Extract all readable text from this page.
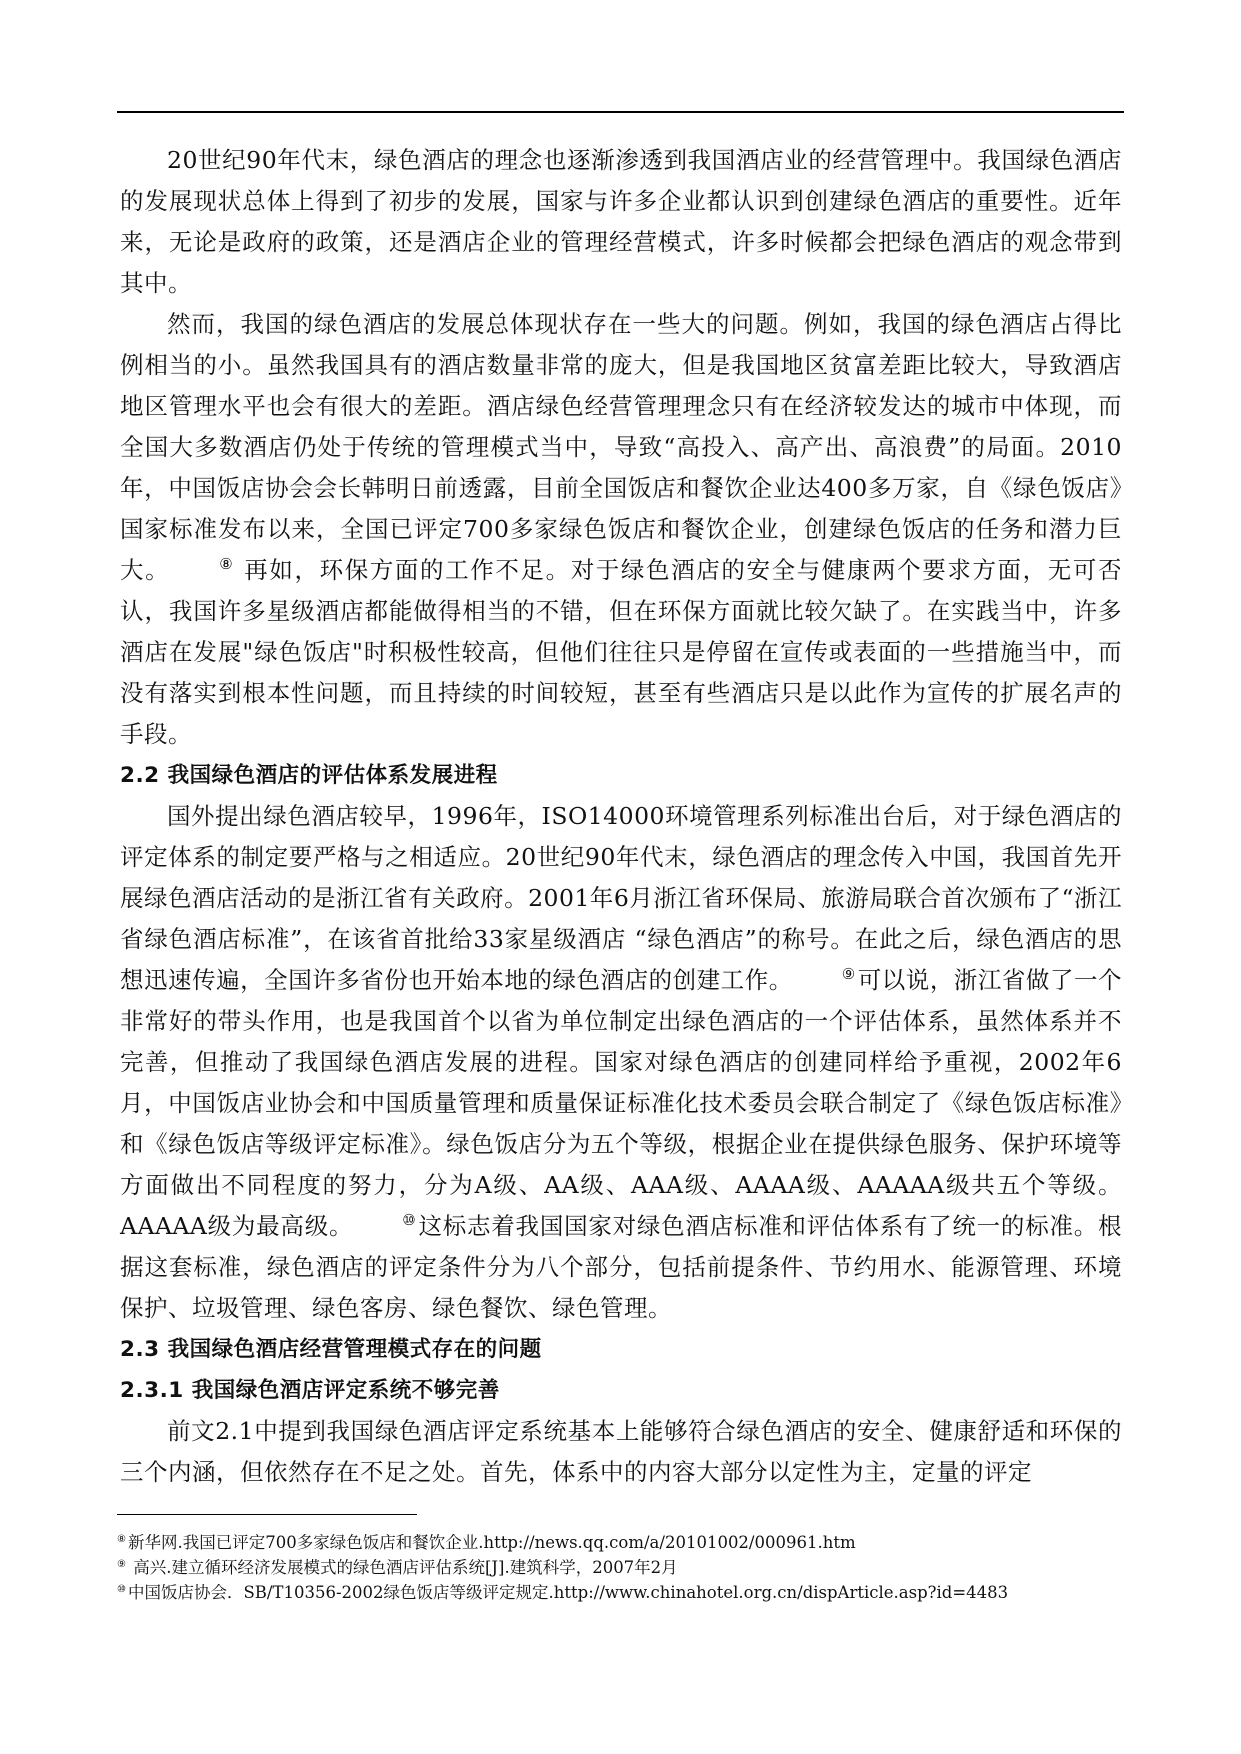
20世纪90年代末，绿色酒店的理念也逐渐渗透到我国酒店业的经营管理中。我国绿色酒店的发展现状总体上得到了初步的发展，国家与许多企业都认识到创建绿色酒店的重要性。近年来，无论是政府的政策，还是酒店企业的管理经营模式，许多时候都会把绿色酒店的观念带到其中。

然而，我国的绿色酒店的发展总体现状存在一些大的问题。例如，我国的绿色酒店占得比例相当的小。虽然我国具有的酒店数量非常的庞大，但是我国地区贫富差距比较大，导致酒店地区管理水平也会有很大的差距。酒店绿色经营管理理念只有在经济较发达的城市中体现，而全国大多数酒店仍处于传统的管理模式当中，导致“高投入、高产出、高浪费”的局面。2010年，中国饭店协会会长韩明日前透露，目前全国饭店和餐饮企业达400多万家，自《绿色饭店》国家标准发布以来，全国已评定700多家绿色饭店和餐饮企业，创建绿色饭店的任务和潜力巨大。	⑧ 再如，环保方面的工作不足。对于绿色酒店的安全与健康两个要求方面，无可否认，我国许多星级酒店都能做得相当的不错，但在环保方面就比较欠缺了。在实践当中，许多酒店在发展"绿色饭店"时积极性较高，但他们往往只是停留在宣传或表面的一些措施当中，而没有落实到根本性问题，而且持续的时间较短，甚至有些酒店只是以此作为宣传的扩展名声的手段。

2.2 我国绿色酒店的评估体系发展进程

国外提出绿色酒店较早，1996年，ISO14000环境管理系列标准出台后，对于绿色酒店的评定体系的制定要严格与之相适应。20世纪90年代末，绿色酒店的理念传入中国，我国首先开展绿色酒店活动的是浙江省有关政府。2001年6月浙江省环保局、旅游局联合首次颁布了“浙江省绿色酒店标准”，在该省首批给33家星级酒店 “绿色酒店”的称号。在此之后，绿色酒店的思想迅速传遍，全国许多省份也开始本地的绿色酒店的创建工作。	⑨可以说，浙江省做了一个非常好的带头作用，也是我国首个以省为单位制定出绿色酒店的一个评估体系，虽然体系并不完善，但推动了我国绿色酒店发展的进程。国家对绿色酒店的创建同样给予重视，2002年6月，中国饭店业协会和中国质量管理和质量保证标准化技术委员会联合制定了《绿色饭店标准》和《绿色饭店等级评定标准》。绿色饭店分为五个等级，根据企业在提供绿色服务、保护环境等方面做出不同程度的努力，分为A级、AA级、AAA级、AAAA级、AAAAA级共五个等级。AAAAA级为最高级。	⑩这标志着我国国家对绿色酒店标准和评估体系有了统一的标准。根据这套标准，绿色酒店的评定条件分为八个部分，包括前提条件、节约用水、能源管理、环境保护、垃圾管理、绿色客房、绿色餐饮、绿色管理。

2.3 我国绿色酒店经营管理模式存在的问题

2.3.1 我国绿色酒店评定系统不够完善

前文2.1中提到我国绿色酒店评定系统基本上能够符合绿色酒店的安全、健康舒适和环保的三个内涵，但依然存在不足之处。首先，体系中的内容大部分以定性为主，定量的评定

⑧ 新华网.我国已评定700多家绿色饭店和餐饮企业.http://news.qq.com/a/20101002/000961.htm

⑨ 高兴.建立循环经济发展模式的绿色酒店评估系统[J].建筑科学，2007年2月

⑩ 中国饭店协会．SB/T10356-2002绿色饭店等级评定规定.http://www.chinahotel.org.cn/dispArticle.asp?id=4483
